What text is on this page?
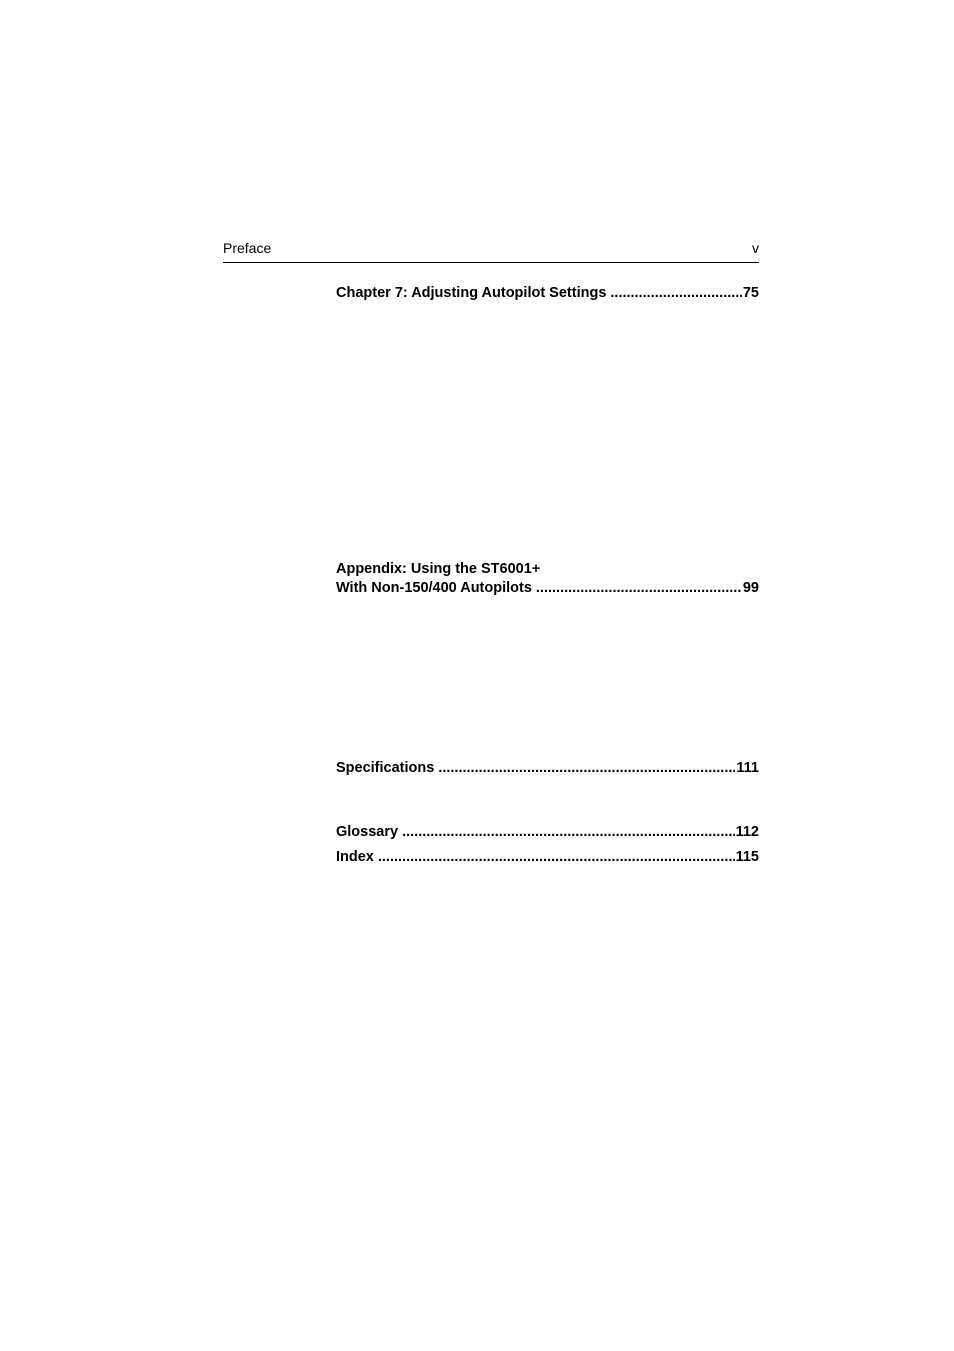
Preface	v
Chapter 7: Adjusting Autopilot Settings .....	75
Appendix: Using the ST6001+
With Non-150/400 Autopilots .....	99
Specifications .....	111
Glossary .....	112
Index .....	115
